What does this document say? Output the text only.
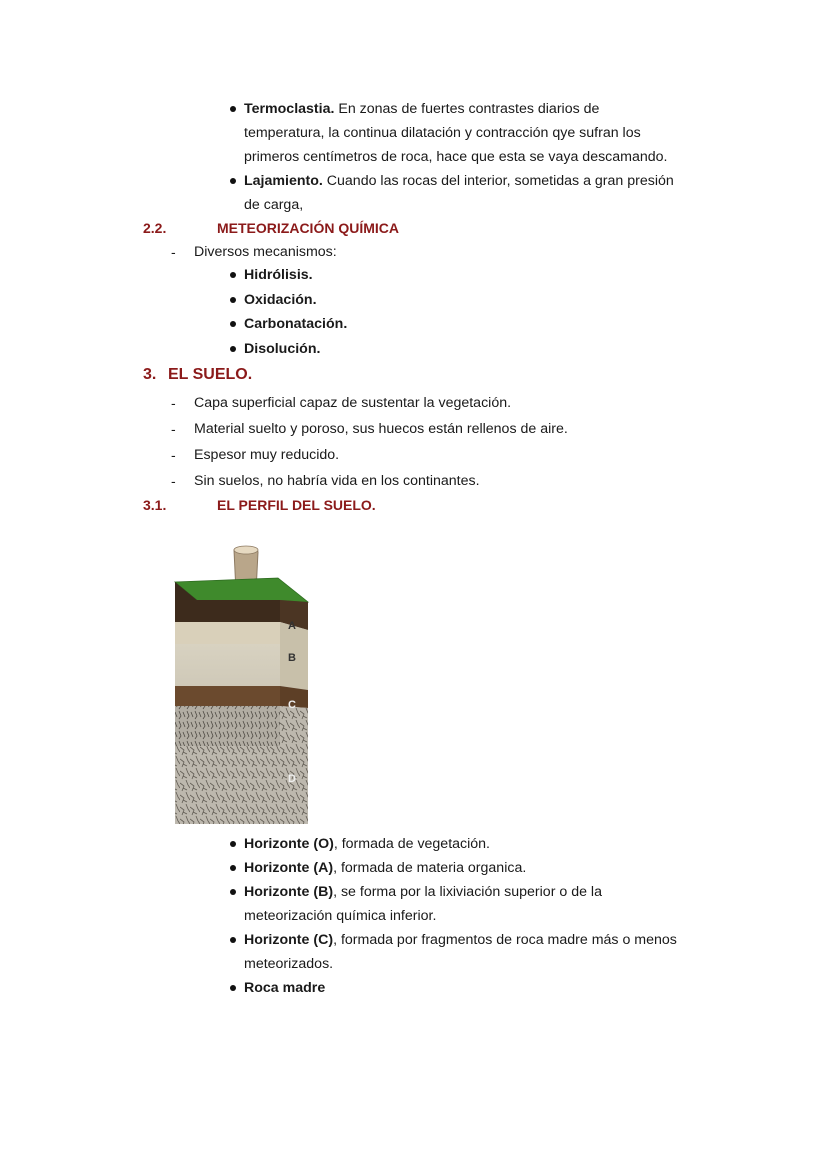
Termoclastia. En zonas de fuertes contrastes diarios de
temperatura, la continua dilatación y contracción qye sufran los
primeros centímetros de roca, hace que esta se vaya descamando.
Lajamiento. Cuando las rocas del interior, sometidas a gran presión
de carga,
2.2.	METEORIZACIÓN QUÍMICA
- Diversos mecanismos:
Hidrólisis.
Oxidación.
Carbonatación.
Disolución.
3. EL SUELO.
- Capa superficial capaz de sustentar la vegetación.
- Material suelto y poroso, sus huecos están rellenos de aire.
- Espesor muy reducido.
- Sin suelos, no habría vida en los continantes.
3.1.	EL PERFIL DEL SUELO.
A
B
C
D
Horizonte (O), formada de vegetación.
Horizonte (A), formada de materia organica.
Horizonte (B), se forma por la lixiviación superior o de la
meteorización química inferior.
Horizonte (C), formada por fragmentos de roca madre más o menos
meteorizados.
Roca madre
